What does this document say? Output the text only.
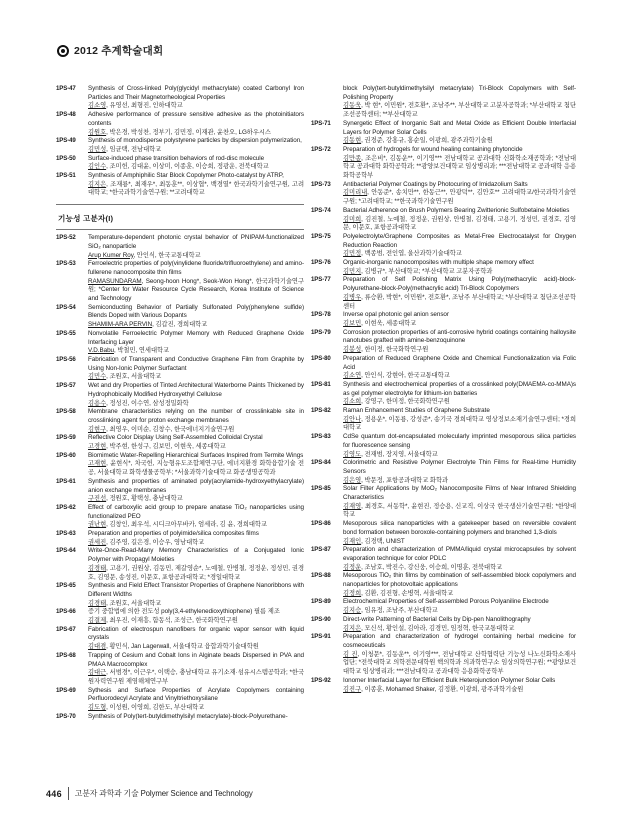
2012 추계학술대회
1PS-47	Synthesis of Cross-linked Poly(glycidyl methacrylate) coated Carbonyl Iron Particles and Their Magnetorheological Properties
김소영, 유영선, 최형진, 인하대학교
1PS-48	Adhesive performance of pressure sensitive adhesive as the photoinitiators contents
김원호, 박은경, 박성찬, 정부기, 김민정, 이재관, 윤찬오, LG하우시스
1PS-49	Synthesis of monodisperse polystyrene particles by dispersion polymerization,
김민성, 임균택, 전남대학교
1PS-50	Surface-induced phase transition behaviors of rod-disc molecule
김인수, 조미헌, 김대윤, 이상미, 이종훈, 이승희, 정광운, 전북대학교
1PS-51	Synthesis of Amphiphilic Star Block Copolymer Photo-catalyst by ATRP,
김지은, 조재룡*, 최재우*, 최동훈**, 이상협*, 백경열* 한국과학기술연구원, 고려대학교; *한국과학기술연구원; **고려대학교
기능성 고분자(I)
1PS-52	Temperature-dependent photonic crystal behavior of PNIPAM-functionalized SiO₂ nanoparticle
Arup Kumer Roy, 안인식, 한국교통대학교
1PS-53	Ferroelectric properties of poly(vinylidene fluoride/trifluoroethylene) and amino-fullerene nanocomposite thin films
RAMASUNDARAM, Seong-hoon Hong*, Seok-Won Hong*, 한국과학기술연구원; *Center for Water Resource Cycle Research, Korea Institute of Science and Technology
1PS-54	Semiconducting Behavior of Partially Sulfonated Poly(phenylene sulfide) Blends Doped with Various Dopants
SHAMIM-ARA PERVIN, 김갑진, 경희대학교
1PS-55	Nonvolatile Ferroelectric Polymer Memory with Reduced Graphene Oxide Interfacing Layer
V.D.Babu, 박철민, 연세대학교
1PS-56	Fabrication of Transparent and Conductive Graphene Film from Graphite by Using Non-Ionic Polymer Surfactant
김민수, 조원호, 서울대학교
1PS-57	Wet and dry Properties of Tinted Architectural Waterborne Paints Thickened by Hydrophobically Modified Hydroxyethyl Cellulose
김용수, 정성진, 이수연, 삼성정밀화학
1PS-58	Membrane characteristics relying on the number of crosslinkable site in crosslinking agent for proton exchange membranes
김현구, 최영우, 이미순, 김창수, 한국에너지기술연구원
1PS-59	Reflective Color Display Using Self-Assembled Colloidal Crystal
고경현, 박주현, 한성구, 김보민, 이현욱, 세종대학교
1PS-60	Biomimetic Water-Repelling Hierarchical Surfaces Inspired from Termite Wings
고재현, 윤현식*, 차국헌, 지능형유도조합체연구단, 에너지환경 화학융합기술 전공, 서울대학교 화학생물공학부; *서울과학기술대학교 화공생명공학과
1PS-61	Synthesis and properties of aminated poly(acrylamide-hydroxyethylacrylate) anion exchange membranes
구진선, 정원호, 황택성, 충남대학교
1PS-62	Effect of carboxylic acid group to prepare anatase TiO₂ nanoparticles using functionalized PEO
권난현, 김창인, 최우석, 시디크아무바카, 엄세라, 김 윤, 경희대학교
1PS-63	Preparation and properties of polyimide/silica composites films
권세진, 김주영, 길은경, 이승우, 영남대학교
1PS-64	Write-Once-Read-Many Memory Characteristics of a Conjugated Ionic Polymer with Propagyl Moieties
김경태, 고용기, 권원상, 김동민, 제갈영순*, 노예철, 안병철, 정정운, 정성민, 권경호, 김영문, 송성진, 이문호, 포항공과대학교; *경일대학교
1PS-65	Synthesis and Field Effect Transistor Properties of Graphene Nanoribbons with Different Widths
김경태, 조원호, 서울대학교
1PS-66	증기 중합법에 의한 전도성 poly(3,4-ethylenedioxythiophene) 필름 제조
김결제, 최우진, 이재흥, 함동석, 조성근, 한국화학연구원
1PS-67	Fabrication of electrospun nanofibers for organic vapor sensor with liquid crystals
김대겸, 황민식, Jan Lagerwall, 서울대학교 융합과학기술대학원
1PS-68	Trapping of Cesium and Cobalt Ions in Alginate beads Dispersed in PVA and PMAA Macrocomplex
김대근, 서범경*, 이근우*, 이택승, 충남대학교 유기소재·섬유시스템공학과; *한국원자력연구원 제염해체연구부
1PS-69	Sythesis and Surface Properties of Acrylate Copolymers containing Perfluorodecyl Acrylate and Vinyltriethoxysilane
김도형, 이성원, 이영희, 김한도, 부산대학교
1PS-70	Synthesis of Poly(tert-butyldimethylsilyl metacrylate)-block-Polyurethane-
block Poly(tert-butyldimethylsilyl metacrylate) Tri-Block Copolymers with Self-Polishing Property
김동욱, 박 현*, 이민원*, 전호환*, 조남주**, 부산대학교 고분자공학과; *부산대학교 첨단조선공학센터; **부산대학교
1PS-71	Synergetic Effect of Inorganic Salt and Metal Oxide as Efficient Double Interfacial Layers for Polymer Solar Cells
김동현, 권경준, 강홍규, 홍순일, 이광희, 광주과학기술원
1PS-72	Preparation of hydrogels for wound healing containing phytoncide
김만종, 조은비*, 김동운**, 이기영*** 전남대학교 공과대학 신화학소재공학과; *전남대학교 공과대학 화학공학과; **광양보건대학교 임상병리과; ***전남대학교 공과대학 응용화학공학부
1PS-73	Antibacterial Polymer Coatings by Photocuring of Imidazolium Salts
김미리내, 안동준*, 송치만**, 한동근**, 안광덕**, 김안호** 고려대학교/한국과학기술연구원; *고려대학교; **한국과학기술연구원
1PS-74	Bacterial Adherence on Brush Polymers Bearing Zwitterionic Sulfobetaine Moieties
김미희, 김진철, 노예철, 정정운, 권원상, 안병철, 김경태, 고용기, 정성민, 권경호, 김영문, 이문호, 포항공과대학교
1PS-75	Polyelectrolyte/Graphene Composites as Metal-Free Electrocatalyst for Oxygen Reduction Reaction
김민정, 백종범, 전인엽, 울산과학기술대학교
1PS-76	Organic-inorganic nanocomposites with multiple shape memory effect
김민지, 김병규*, 부산대학교; *부산대학교 고분자공학과
1PS-77	Preparation of Self Polishing Matrix Using Poly(methacrylic acid)-block-Polyurethane-block-Poly(methacrylic acid) Tri-Block Copolymers
김병우, 류승환, 박현*, 이민원*, 전호환*, 조남주 부산대학교; *부산대학교 첨단조선공학센터
1PS-78	Inverse opal photonic gel anion sensor
김보민, 이현욱, 세종대학교
1PS-79	Corrosion protection properties of anti-corrosive hybrid coatings containing halloysite nanotubes grafted with amine-benzoquinone
김봉성, 한미정, 한국화학연구원
1PS-80	Preparation of Reduced Graphene Oxide and Chemical Functionalization via Folic Acid
김소연, 안인식, 강현아, 한국교통대학교
1PS-81	Synthesis and electrochemical properties of a crosslinked poly(DMAEMA-co-MMA)s as gel polymer electrolyte for lithium-ion batteries
김소희, 강영구, 한미정, 한국화학연구원
1PS-82	Raman Enhancement Studies of Graphene Substrate
김안나, 정용운*, 이동룡, 강성준*, 송기국 경희대학교 영상정보소재기술연구센터; *경희대학교
1PS-83	CdSe quantum dot-encapsulated molecularly imprinted mesoporous silica particles for fluorescence sensing
김영도, 전재범, 장지영, 서울대학교
1PS-84	Colorimetric and Resistive Polymer Electrolyte Thin Films for Real-time Humidity Sensors
김은영, 박문정, 포항공과대학교 화학과
1PS-85	Solar Filter Applications by MoO₂ Nanocomposite Films of Near Infrared Shielding Characteristics
김재영, 최경호, 서동학*, 윤현진, 정승용, 신교직, 이상국 한국생산기술연구원; *한양대학교
1PS-86	Mesoporous silica nanoparticles with a gatekeeper based on reversible covalent bond formation between boroxole-containing polymers and branched 1,3-diols
김재인, 김경택, UNIST
1PS-87	Preparation and characterization of PMMA/liquid crystal microcapsules by solvent evaporation technique for color PDLC
김정운, 조남호, 박진수, 강신웅, 이승희, 이명훈, 전북대학교
1PS-88	Mesoporous TiO₂ thin films by combination of self-assembled block copolymers and nanoparticles for photovoltaic applications
김정희, 김환, 김진형, 손병혁, 서울대학교
1PS-89	Electrochemical Properties of Self-assembled Porous Polyaniline Electrode
김지승, 임유정, 조남주, 부산대학교
1PS-90	Direct-write Patterning of Bacterial Cells by Dip-pen Nanolithography
김지은, 모신석, 황인설, 김아라, 김경민, 임정혁, 한국교통대학교
1PS-91	Preparation and characterization of hydrogel containing herbal medicine for cosmeceuticals
김 진, 이청문*, 김동운**, 이기영***, 전남대학교 산학협력단 기능성 나노신화학소재사업단; *전북대학교 의학전문대학원 핵의학과 의과학연구소 임상의학연구원; **광양보건대학교 임상병리과; ***전남대학교 공과대학 응용화학공학부
1PS-92	Ionomer Interfacial Layer for Efficient Bulk Heterojunction Polymer Solar Cells
김진구, 이종훈, Mohamed Shaker, 김정환, 이광희, 광주과학기술원
446	고분자 과학과 기술 Polymer Science and Technology
